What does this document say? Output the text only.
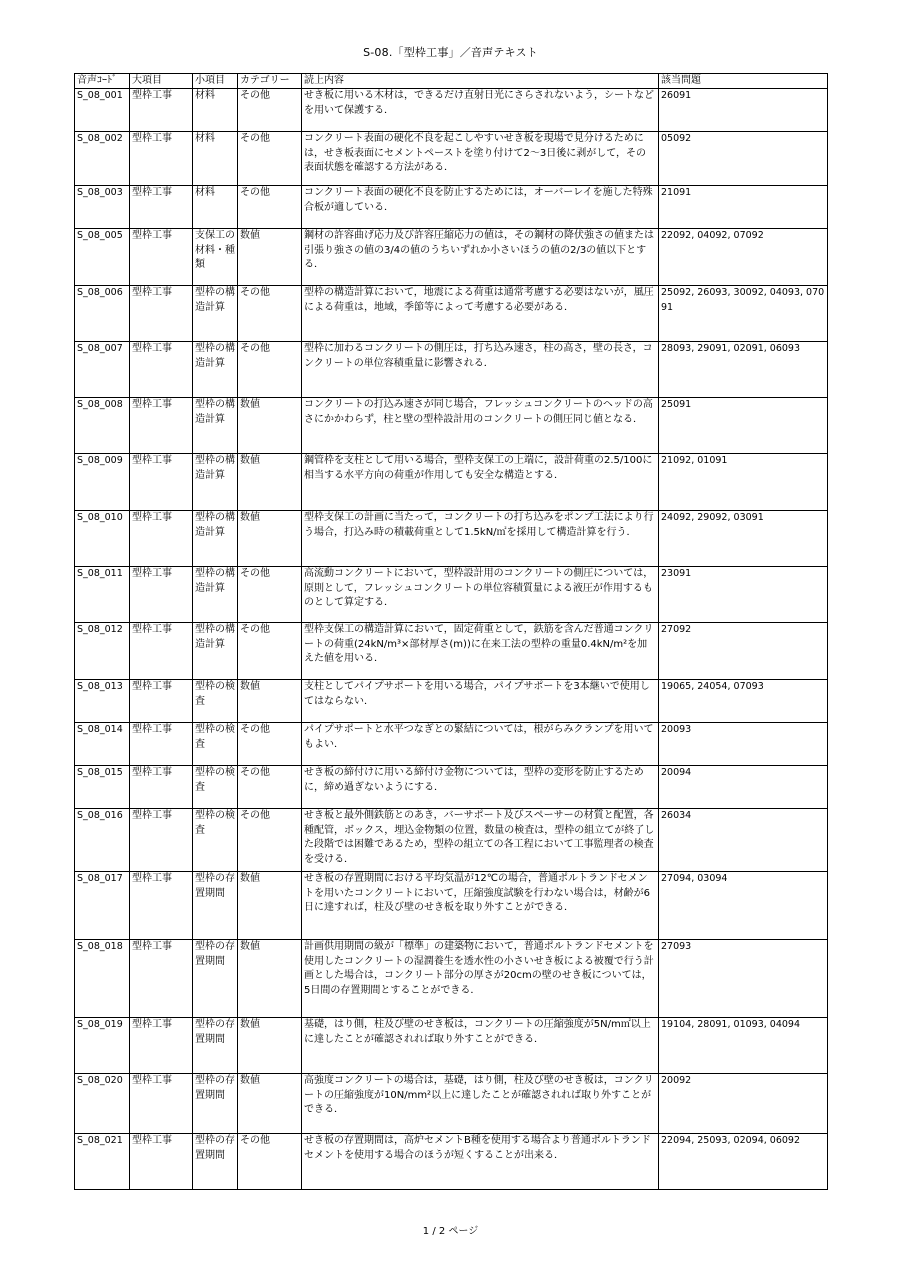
S-08.「型枠工事」／音声テキスト
音声ｺｰﾄﾞ	大項目	小項目	カテゴリー	読上内容	該当問題
S_08_001	型枠工事	材料	その他	せき板に用いる木材は，できるだけ直射日光にさらされないよう，シートなどを用いて保護する．	26091
S_08_002	型枠工事	材料	その他	コンクリート表面の硬化不良を起こしやすいせき板を現場で見分けるためには，せき板表面にセメントペーストを塗り付けて2～3日後に剥がして，その表面状態を確認する方法がある．	05092
S_08_003	型枠工事	材料	その他	コンクリート表面の硬化不良を防止するためには，オーバーレイを施した特殊合板が適している．	21091
S_08_005	型枠工事	支保工の材料・種類	数値	鋼材の許容曲げ応力及び許容圧縮応力の値は，その鋼材の降伏強さの値または引張り強さの値の3/4の値のうちいずれか小さいほうの値の2/3の値以下とする．	22092, 04092, 07092
S_08_006	型枠工事	型枠の構造計算	その他	型枠の構造計算において，地震による荷重は通常考慮する必要はないが，風圧による荷重は，地域，季節等によって考慮する必要がある．	25092, 26093, 30092, 04093, 07091
S_08_007	型枠工事	型枠の構造計算	その他	型枠に加わるコンクリートの側圧は，打ち込み速さ，柱の高さ，壁の長さ，コンクリートの単位容積重量に影響される．	28093, 29091, 02091, 06093
S_08_008	型枠工事	型枠の構造計算	数値	コンクリートの打込み速さが同じ場合，フレッシュコンクリートのヘッドの高さにかかわらず，柱と壁の型枠設計用のコンクリートの側圧同じ値となる．	25091
S_08_009	型枠工事	型枠の構造計算	数値	鋼管枠を支柱として用いる場合，型枠支保工の上端に，設計荷重の2.5/100に相当する水平方向の荷重が作用しても安全な構造とする．	21092, 01091
S_08_010	型枠工事	型枠の構造計算	数値	型枠支保工の計画に当たって，コンクリートの打ち込みをポンプ工法により行う場合，打込み時の積載荷重として1.5kN/㎡を採用して構造計算を行う．	24092, 29092, 03091
S_08_011	型枠工事	型枠の構造計算	その他	高流動コンクリートにおいて，型枠設計用のコンクリートの側圧については，原則として，フレッシュコンクリートの単位容積質量による液圧が作用するものとして算定する．	23091
S_08_012	型枠工事	型枠の構造計算	その他	型枠支保工の構造計算において，固定荷重として，鉄筋を含んだ普通コンクリートの荷重(24kN/m³×部材厚さ(m))に在来工法の型枠の重量0.4kN/m²を加えた値を用いる．	27092
S_08_013	型枠工事	型枠の検査	数値	支柱としてパイプサポートを用いる場合，パイプサポートを3本継いで使用してはならない．	19065, 24054, 07093
S_08_014	型枠工事	型枠の検査	その他	パイプサポートと水平つなぎとの緊結については，根がらみクランプを用いてもよい．	20093
S_08_015	型枠工事	型枠の検査	その他	せき板の締付けに用いる締付け金物については，型枠の変形を防止するために，締め過ぎないようにする．	20094
S_08_016	型枠工事	型枠の検査	その他	せき板と最外側鉄筋とのあき，バーサポート及びスペーサーの材質と配置，各種配管，ボックス，埋込金物類の位置，数量の検査は，型枠の組立てが終了した段階では困難であるため，型枠の組立ての各工程において工事監理者の検査を受ける．	26034
S_08_017	型枠工事	型枠の存置期間	数値	せき板の存置期間における平均気温が12℃の場合，普通ポルトランドセメントを用いたコンクリートにおいて，圧縮強度試験を行わない場合は，材齢が6日に達すれば，柱及び壁のせき板を取り外すことができる．	27094, 03094
S_08_018	型枠工事	型枠の存置期間	数値	計画供用期間の級が「標準」の建築物において，普通ポルトランドセメントを使用したコンクリートの湿潤養生を透水性の小さいせき板による被覆で行う計画とした場合は，コンクリート部分の厚さが20cmの壁のせき板については，5日間の存置期間とすることができる．	27093
S_08_019	型枠工事	型枠の存置期間	数値	基礎，はり側，柱及び壁のせき板は，コンクリートの圧縮強度が5N/m㎡以上に達したことが確認されれば取り外すことができる．	19104, 28091, 01093, 04094
S_08_020	型枠工事	型枠の存置期間	数値	高強度コンクリートの場合は，基礎，はり側，柱及び壁のせき板は，コンクリートの圧縮強度が10N/mm²以上に達したことが確認されれば取り外すことができる．	20092
S_08_021	型枠工事	型枠の存置期間	その他	せき板の存置期間は，高炉セメントB種を使用する場合より普通ポルトランドセメントを使用する場合のほうが短くすることが出来る．	22094, 25093, 02094, 06092
1 / 2 ページ
